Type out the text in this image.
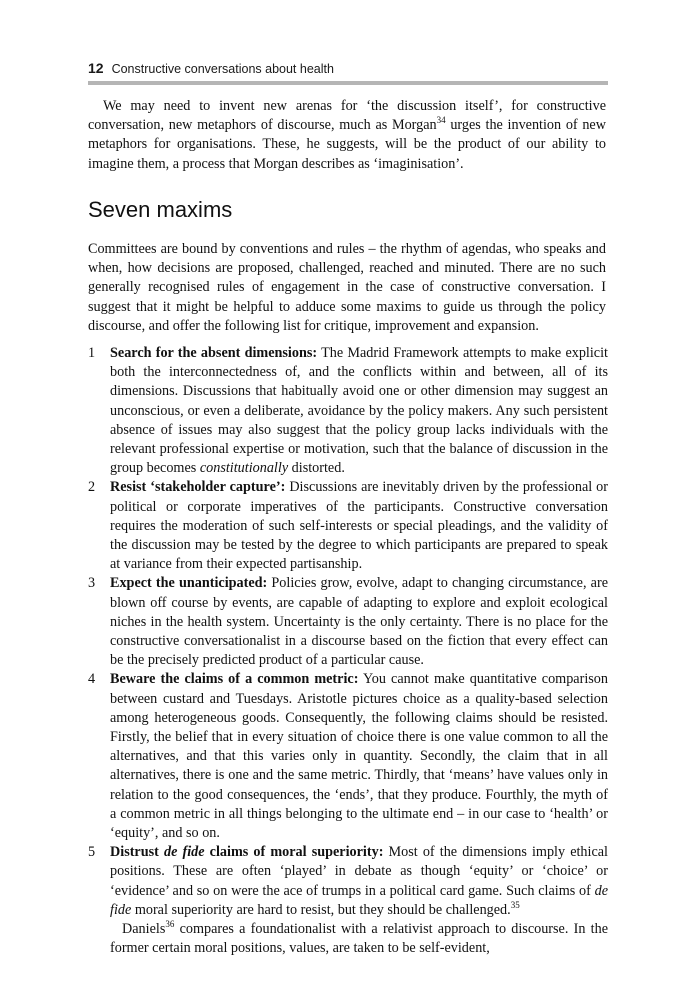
12 Constructive conversations about health

We may need to invent new arenas for ‘the discussion itself’, for constructive conversation, new metaphors of discourse, much as Morgan$^{34}$ urges the invention of new metaphors for organisations. These, he suggests, will be the product of our ability to imagine them, a process that Morgan describes as ‘imaginisation’.

Seven maxims

Committees are bound by conventions and rules – the rhythm of agendas, who speaks and when, how decisions are proposed, challenged, reached and minuted. There are no such generally recognised rules of engagement in the case of constructive conversation. I suggest that it might be helpful to adduce some maxims to guide us through the policy discourse, and offer the following list for critique, improvement and expansion.

1 Search for the absent dimensions: The Madrid Framework attempts to make explicit both the interconnectedness of, and the conflicts within and between, all of its dimensions. Discussions that habitually avoid one or other dimension may suggest an unconscious, or even a deliberate, avoidance by the policy makers. Any such persistent absence of issues may also suggest that the policy group lacks individuals with the relevant professional expertise or motivation, such that the balance of discussion in the group becomes constitutionally distorted.
2 Resist ‘stakeholder capture’: Discussions are inevitably driven by the professional or political or corporate imperatives of the participants. Constructive conversation requires the moderation of such self-interests or special pleadings, and the validity of the discussion may be tested by the degree to which participants are prepared to speak at variance from their expected partisanship.
3 Expect the unanticipated: Policies grow, evolve, adapt to changing circumstance, are blown off course by events, are capable of adapting to explore and exploit ecological niches in the health system. Uncertainty is the only certainty. There is no place for the constructive conversationalist in a discourse based on the fiction that every effect can be the precisely predicted product of a particular cause.
4 Beware the claims of a common metric: You cannot make quantitative comparison between custard and Tuesdays. Aristotle pictures choice as a quality-based selection among heterogeneous goods. Consequently, the following claims should be resisted. Firstly, the belief that in every situation of choice there is one value common to all the alternatives, and that this varies only in quantity. Secondly, the claim that in all alternatives, there is one and the same metric. Thirdly, that ‘means’ have values only in relation to the good consequences, the ‘ends’, that they produce. Fourthly, the myth of a common metric in all things belonging to the ultimate end – in our case to ‘health’ or ‘equity’, and so on.
5 Distrust de fide claims of moral superiority: Most of the dimensions imply ethical positions. These are often ‘played’ in debate as though ‘equity’ or ‘choice’ or ‘evidence’ and so on were the ace of trumps in a political card game. Such claims of de fide moral superiority are hard to resist, but they should be challenged.$^{35}$

Daniels$^{36}$ compares a foundationalist with a relativist approach to discourse. In the former certain moral positions, values, are taken to be self-evident,
